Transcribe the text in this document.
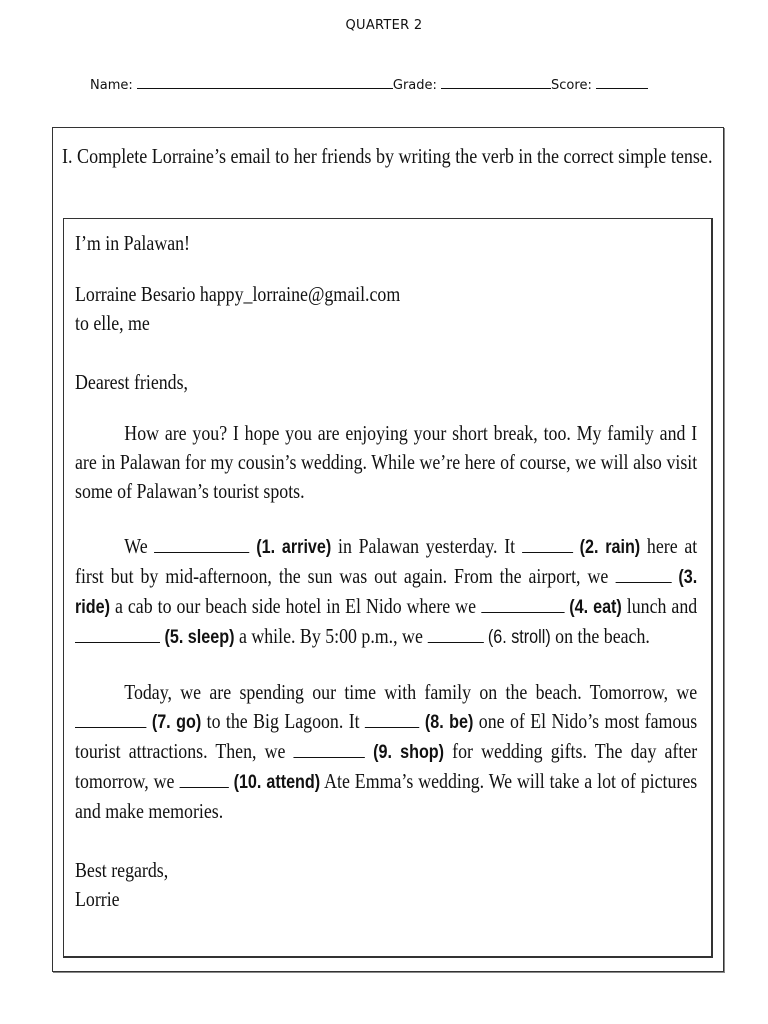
QUARTER 2
Name:	Grade:	Score:
I. Complete Lorraine’s email to her friends by writing the verb in the correct simple tense.

I’m in Palawan!

Lorraine Besario happy_lorraine@gmail.com

to elle, me

Dearest friends,

How are you? I hope you are enjoying your short break, too. My family and I are in Palawan for my cousin’s wedding. While we’re here of course, we will also visit some of Palawan’s tourist spots.

We	(1. arrive) in Palawan yesterday. It	(2. rain) here at first but by mid-afternoon, the sun was out again. From the airport, we	(3. ride) a cab to our beach side hotel in El Nido where we	(4. eat) lunch and  (5. sleep) a while. By 5:00 p.m., we	(6. stroll) on the beach.

Today, we are spending our time with family on the beach. Tomorrow, we  (7. go) to the Big Lagoon. It	(8. be) one of El Nido’s most famous tourist attractions. Then, we	(9. shop) for wedding gifts. The day after tomorrow, we	(10. attend) Ate Emma’s wedding. We will take a lot of pictures and make memories.

Best regards,

Lorrie
